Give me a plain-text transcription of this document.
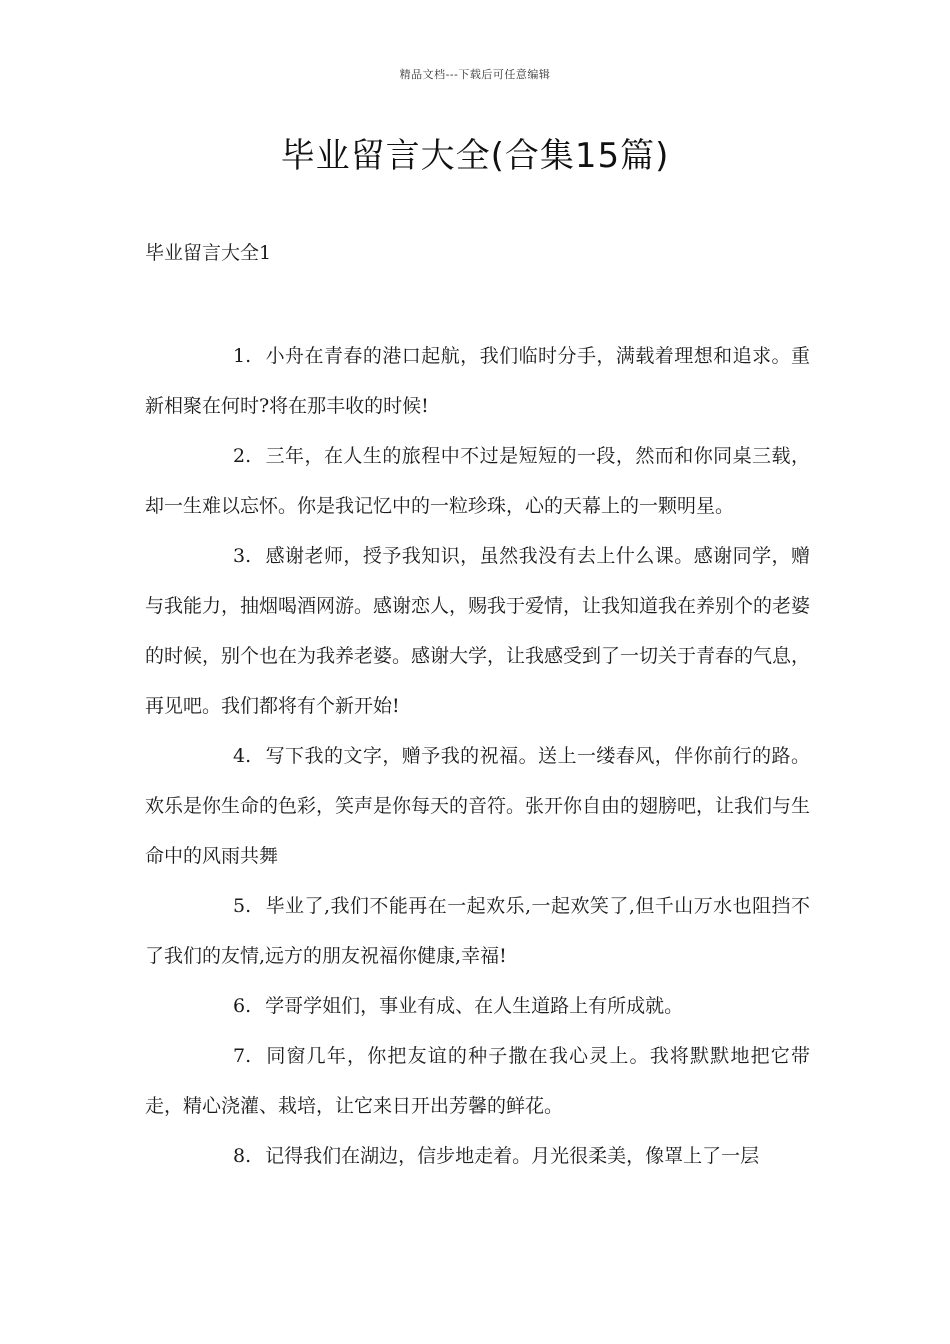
精品文档---下载后可任意编辑
毕业留言大全(合集15篇)
毕业留言大全1

1. 小舟在青春的港口起航，我们临时分手，满载着理想和追求。重新相聚在何时?将在那丰收的时候!

2. 三年，在人生的旅程中不过是短短的一段，然而和你同桌三载，却一生难以忘怀。你是我记忆中的一粒珍珠，心的天幕上的一颗明星。

3. 感谢老师，授予我知识，虽然我没有去上什么课。感谢同学，赠与我能力，抽烟喝酒网游。感谢恋人，赐我于爱情，让我知道我在养别个的老婆的时候，别个也在为我养老婆。感谢大学，让我感受到了一切关于青春的气息，再见吧。我们都将有个新开始!

4. 写下我的文字，赠予我的祝福。送上一缕春风，伴你前行的路。欢乐是你生命的色彩，笑声是你每天的音符。张开你自由的翅膀吧，让我们与生命中的风雨共舞

5. 毕业了,我们不能再在一起欢乐,一起欢笑了,但千山万水也阻挡不了我们的友情,远方的朋友祝福你健康,幸福!

6. 学哥学姐们，事业有成、在人生道路上有所成就。

7. 同窗几年，你把友谊的种子撒在我心灵上。我将默默地把它带走，精心浇灌、栽培，让它来日开出芳馨的鲜花。

8. 记得我们在湖边，信步地走着。月光很柔美，像罩上了一层
